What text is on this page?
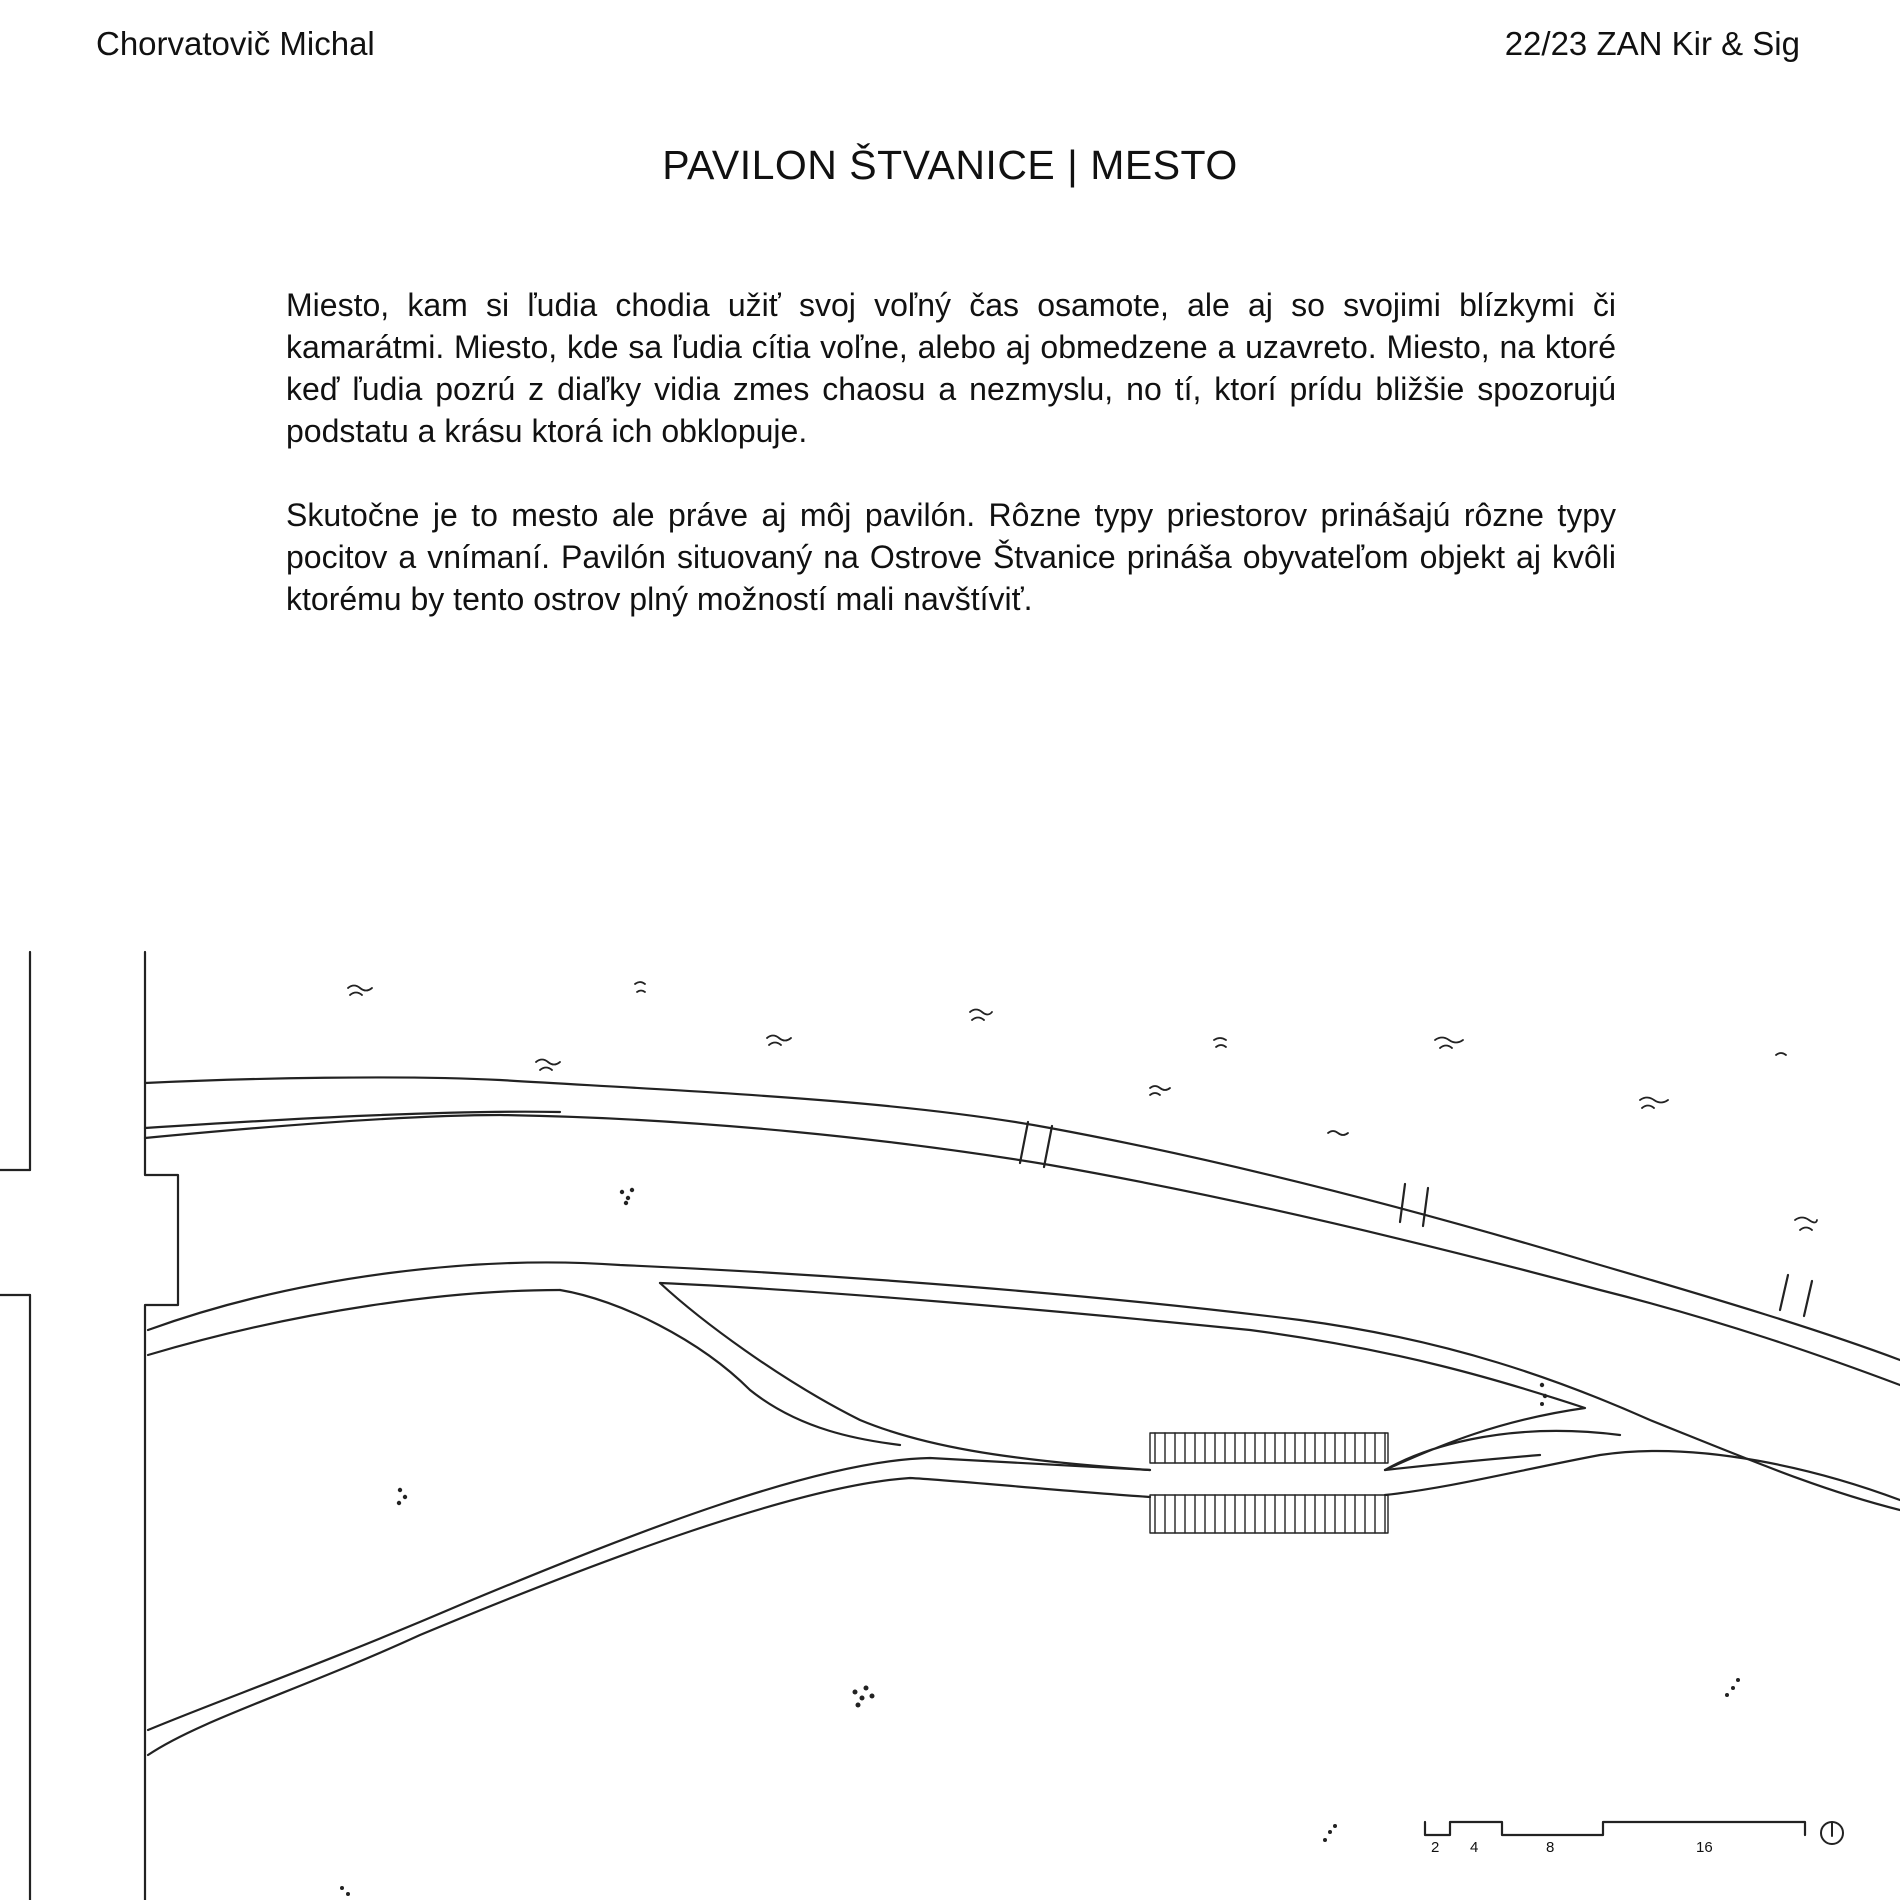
Chorvatovič Michal	22/23 ZAN Kir & Sig
PAVILON ŠTVANICE | MESTO

Miesto, kam si ľudia chodia užiť svoj voľný čas osamote, ale aj so svojimi blízkymi či kamarátmi. Miesto, kde sa ľudia cítia voľne, alebo aj obmedzene a uzavreto. Miesto, na ktoré keď ľudia pozrú z diaľky vidia zmes chaosu a nezmyslu, no tí, ktorí prídu bližšie spozorujú podstatu a krásu ktorá ich obklopuje.

Skutočne je to mesto ale práve aj môj pavilón. Rôzne typy priestorov prinášajú rôzne typy pocitov a vnímaní. Pavilón situovaný na Ostrove Štvanice prináša obyvateľom objekt aj kvôli ktorému by tento ostrov plný možností mali navštíviť.

2 4	8	16
